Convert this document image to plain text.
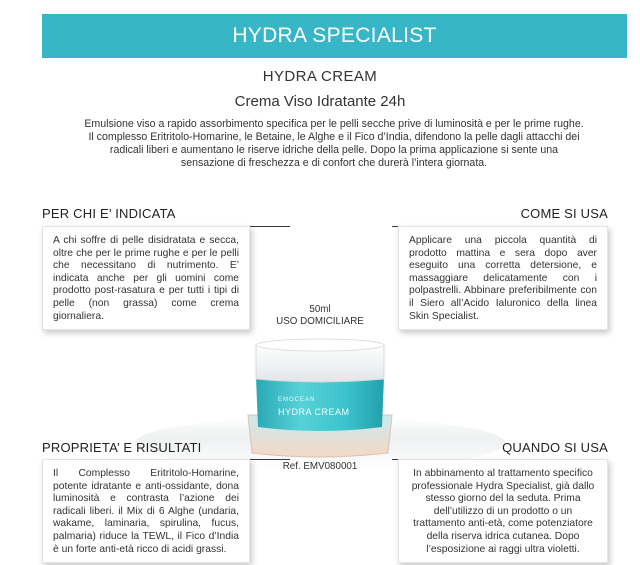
HYDRA SPECIALIST
HYDRA CREAM
Crema Viso Idratante 24h
Emulsione viso a rapido assorbimento specifica per le pelli secche prive di luminosità e per le prime rughe. Il complesso Eritritolo-Homarine, le Betaine, le Alghe e il Fico d’India, difendono la pelle dagli attacchi dei radicali liberi e aumentano le riserve idriche della pelle. Dopo la prima applicazione si sente una sensazione di freschezza e di confort che durerà l’intera giornata.
PER CHI E’ INDICATA
A chi soffre di pelle disidratata e secca, oltre che per le prime rughe e per le pelli che necessitano di nutrimento. E’ indicata anche per gli uomini come prodotto post-rasatura e per tutti i tipi di pelle (non grassa) come crema giornaliera.
COME SI USA
Applicare una piccola quantità di prodotto mattina e sera dopo aver eseguito una corretta detersione, e massaggiare delicatamente con i polpastrelli. Abbinare preferibilmente con il Siero all’Acido Ialuronico della linea Skin Specialist.
50ml
USO DOMICILIARE
EMOCEAN
HYDRA CREAM
PROPRIETA’ E RISULTATI
Ref. EMV080001
Il Complesso Eritritolo-Homarine, potente idratante e anti-ossidante, dona luminosità e contrasta l’azione dei radicali liberi. il Mix di 6 Alghe (undaria, wakame, laminaria, spirulina, fucus, palmaria) riduce la TEWL, il Fico d’India è un forte anti-età ricco di acidi grassi.
QUANDO SI USA
In abbinamento al trattamento specifico professionale Hydra Specialist, già dallo stesso giorno del la seduta. Prima dell’utilizzo di un prodotto o un trattamento anti-età, come potenziatore della riserva idrica cutanea. Dopo l’esposizione ai raggi ultra violetti.
